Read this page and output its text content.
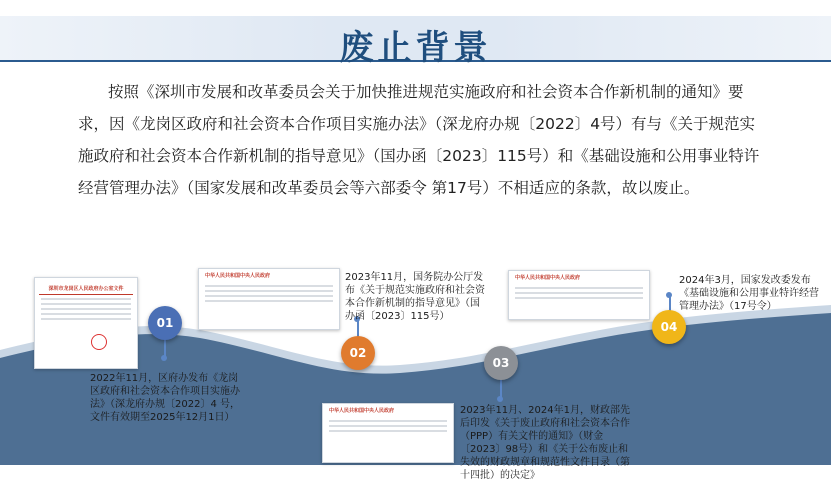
废止背景
按照《深圳市发展和改革委员会关于加快推进规范实施政府和社会资本合作新机制的通知》要求，因《龙岗区政府和社会资本合作项目实施办法》（深龙府办规〔2022〕4号）有与《关于规范实施政府和社会资本合作新机制的指导意见》（国办函〔2023〕115号）和《基础设施和公用事业特许经营管理办法》（国家发展和改革委员会等六部委令 第17号）不相适应的条款，故以废止。
深圳市龙岗区人民政府办公室文件
中华人民共和国中央人民政府	中华人民共和国中央人民政府
中华人民共和国中央人民政府
01
02
03
04
2022年11月，区府办发布《龙岗区政府和社会资本合作项目实施办法》（深龙府办规〔2022〕4 号，文件有效期至2025年12月1日）
2023年11月，国务院办公厅发布《关于规范实施政府和社会资本合作新机制的指导意见》（国办函〔2023〕115号）
2023年11月、2024年1月，财政部先后印发《关于废止政府和社会资本合作（PPP）有关文件的通知》（财金〔2023〕98号）和《关于公布废止和失效的财政规章和规范性文件目录（第十四批）的决定》
2024年3月，国家发改委发布《基础设施和公用事业特许经营管理办法》（17号令）
